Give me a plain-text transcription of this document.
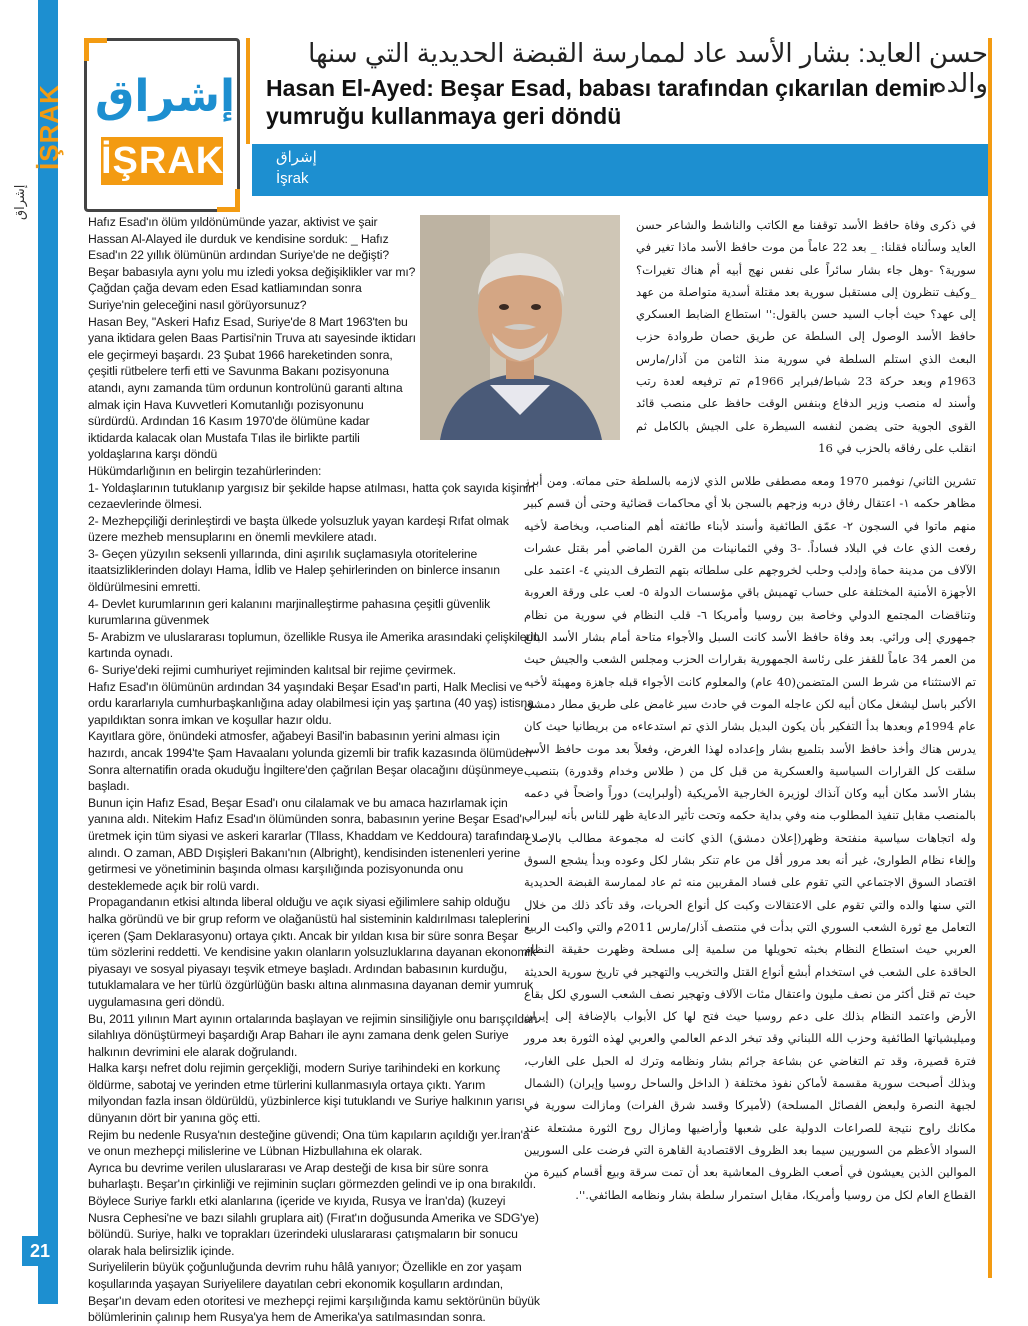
İŞRAK
إشراق
21
إشراق
İŞRAK
حسن العايد: بشار الأسد عاد لممارسة القبضة الحديدية التي سنها والده
Hasan El-Ayed: Beşar Esad, babası tarafından çıkarılan demir yumruğu kullanmaya geri döndü
إشراق
İşrak

Hafız Esad'ın ölüm yıldönümünde yazar, aktivist ve şair Hassan Al-Alayed ile durduk ve kendisine sorduk: _ Hafız Esad'ın 22 yıllık ölümünün ardından Suriye'de ne değişti? Beşar babasıyla aynı yolu mu izledi yoksa değişiklikler var mı?

Çağdan çağa devam eden Esad katliamından sonra Suriye'nin geleceğini nasıl görüyorsunuz?

Hasan Bey, "Askeri Hafız Esad, Suriye'de 8 Mart 1963'ten bu yana iktidara gelen Baas Partisi'nin Truva atı sayesinde iktidarı ele geçirmeyi başardı. 23 Şubat 1966 hareketinden sonra, çeşitli rütbelere terfi etti ve Savunma Bakanı pozisyonuna atandı, aynı zamanda tüm ordunun kontrolünü garanti altına almak için Hava Kuvvetleri Komutanlığı pozisyonunu sürdürdü. Ardından 16 Kasım 1970'de ölümüne kadar iktidarda kalacak olan Mustafa Tılas ile birlikte partili yoldaşlarına karşı döndü

Hükümdarlığının en belirgin tezahürlerinden:

1- Yoldaşlarının tutuklanıp yargısız bir şekilde hapse atılması, hatta çok sayıda kişinin cezaevlerinde ölmesi.

2- Mezhepçiliği derinleştirdi ve başta ülkede yolsuzluk yayan kardeşi Rıfat olmak üzere mezheb mensuplarını en önemli mevkilere atadı.

3- Geçen yüzyılın seksenli yıllarında, dini aşırılık suçlamasıyla otoritelerine itaatsizliklerinden dolayı Hama, İdlib ve Halep şehirlerinden on binlerce insanın öldürülmesini emretti.

4- Devlet kurumlarının geri kalanını marjinalleştirme pahasına çeşitli güvenlik kurumlarına güvenmek

5- Arabizm ve uluslararası toplumun, özellikle Rusya ile Amerika arasındaki çelişkilerin kartında oynadı.

6- Suriye'deki rejimi cumhuriyet rejiminden kalıtsal bir rejime çevirmek.

Hafız Esad'ın ölümünün ardından 34 yaşındaki Beşar Esad'ın parti, Halk Meclisi ve ordu kararlarıyla cumhurbaşkanlığına aday olabilmesi için yaş şartına (40 yaş) istisna yapıldıktan sonra imkan ve koşullar hazır oldu.

Kayıtlara göre, önündeki atmosfer, ağabeyi Basil'in babasının yerini alması için hazırdı, ancak 1994'te Şam Havaalanı yolunda gizemli bir trafik kazasında ölümüden Sonra alternatifin orada okuduğu İngiltere'den çağrılan Beşar olacağını düşünmeye başladı.

Bunun için Hafız Esad, Beşar Esad'ı onu cilalamak ve bu amaca hazırlamak için yanına aldı. Nitekim Hafız Esad'ın ölümünden sonra, babasının yerine Beşar Esad'ı üretmek için tüm siyasi ve askeri kararlar (Tllass, Khaddam ve Keddoura) tarafından alındı. O zaman, ABD Dışişleri Bakanı'nın (Albright), kendisinden istenenleri yerine getirmesi ve yönetiminin başında olması karşılığında pozisyonunda onu desteklemede açık bir rolü vardı.

Propagandanın etkisi altında liberal olduğu ve açık siyasi eğilimlere sahip olduğu halka göründü ve bir grup reform ve olağanüstü hal sisteminin kaldırılması taleplerini içeren (Şam Deklarasyonu) ortaya çıktı. Ancak bir yıldan kısa bir süre sonra Beşar tüm sözlerini reddetti. Ve kendisine yakın olanların yolsuzluklarına dayanan ekonomik piyasayı ve sosyal piyasayı teşvik etmeye başladı. Ardından babasının kurduğu, tutuklamalara ve her türlü özgürlüğün baskı altına alınmasına dayanan demir yumruk uygulamasına geri döndü.

Bu, 2011 yılının Mart ayının ortalarında başlayan ve rejimin sinsiliğiyle onu barışçıldan silahlıya dönüştürmeyi başardığı Arap Baharı ile aynı zamana denk gelen Suriye halkının devrimini ele alarak doğrulandı.

Halka karşı nefret dolu rejimin gerçekliği, modern Suriye tarihindeki en korkunç öldürme, sabotaj ve yerinden etme türlerini kullanmasıyla ortaya çıktı. Yarım milyondan fazla insan öldürüldü, yüzbinlerce kişi tutuklandı ve Suriye halkının yarısı dünyanın dört bir yanına göç etti.

Rejim bu nedenle Rusya'nın desteğine güvendi; Ona tüm kapıların açıldığı yer.İran'a ve onun mezhepçi milislerine ve Lübnan Hizbullahına ek olarak.

Ayrıca bu devrime verilen uluslararası ve Arap desteği de kısa bir süre sonra buharlaştı. Beşar'ın çirkinliği ve rejiminin suçları görmezden gelindi ve ip ona bırakıldı.

Böylece Suriye farklı etki alanlarına (içeride ve kıyıda, Rusya ve İran'da) (kuzeyi Nusra Cephesi'ne ve bazı silahlı gruplara ait) (Fırat'ın doğusunda Amerika ve SDG'ye) bölündü. Suriye, halkı ve toprakları üzerindeki uluslararası çatışmaların bir sonucu olarak hala belirsizlik içinde.

Suriyelilerin büyük çoğunluğunda devrim ruhu hâlâ yanıyor; Özellikle en zor yaşam koşullarında yaşayan Suriyelilere dayatılan cebri ekonomik koşulların ardından, Beşar'ın devam eden otoritesi ve mezhepçi rejimi karşılığında kamu sektörünün büyük bölümlerinin çalınıp hem Rusya'ya hem de Amerika'ya satılmasından sonra.

في ذكرى وفاة حافظ الأسد توقفنا مع الكاتب والناشط والشاعر حسن العايد وسألناه فقلنا: _ بعد 22 عاماً من موت حافظ الأسد ماذا تغير في سورية؟ -وهل جاء بشار سائراً على نفس نهج أبيه أم هناك تغيرات؟ _وكيف تنظرون إلى مستقبل سورية بعد مقتلة أسدية متواصلة من عهد إلى عهد؟ حيث أجاب السيد حسن بالقول:'' استطاع الضابط العسكري حافظ الأسد الوصول إلى السلطة عن طريق حصان طروادة حزب البعث الذي استلم السلطة في سورية منذ الثامن من آذار/مارس 1963م وبعد حركة 23 شباط/فبراير 1966م تم ترفيعه لعدة رتب وأسند له منصب وزير الدفاع وبنفس الوقت حافظ على منصب قائد القوى الجوية حتى يضمن لنفسه السيطرة على الجيش بالكامل ثم انقلب على رفاقه بالحزب في 16

تشرين الثاني/ نوفمبر 1970 ومعه مصطفى طلاس الذي لازمه بالسلطة حتى مماته. ومن أبرز مظاهر حكمه ١- اعتقال رفاق دربه وزجهم بالسجن بلا أي محاكمات قضائية وحتى أن قسم كبير منهم ماتوا في السجون ٢- عمّق الطائفية وأسند لأبناء طائفته أهم المناصب، وبخاصة لأخيه رفعت الذي عاث في البلاد فساداً. -3 وفي الثمانينات من القرن الماضي أمر بقتل عشرات الآلاف من مدينة حماة وإدلب وحلب لخروجهم على سلطاته بتهم التطرف الديني ٤- اعتمد على الأجهزة الأمنية المختلفة على حساب تهميش باقي مؤسسات الدولة ٥- لعب على ورقة العروبة وتناقضات المجتمع الدولي وخاصة بين روسيا وأمريكا ٦- قلب النظام في سورية من نظام جمهوري إلى وراثي. بعد وفاة حافظ الأسد كانت السبل والأجواء متاحة أمام بشار الأسد البالغ من العمر 34 عاماً للقفز على رئاسة الجمهورية بقرارات الحزب ومجلس الشعب والجيش حيث تم الاستثناء من شرط السن المتضمن(40 عام) والمعلوم كانت الأجواء قبله جاهزة ومهيئة لأخيه الأكبر باسل ليشغل مكان أبيه لكن عاجله الموت في حادث سير غامض على طريق مطار دمشق عام 1994م وبعدها بدأ التفكير بأن يكون البديل بشار الذي تم استدعاءه من بريطانيا حيث كان يدرس هناك وأخذ حافظ الأسد بتلميع بشار وإعداده لهذا الغرض، وفعلاً بعد موت حافظ الأسد سلقت كل القرارات السياسية والعسكرية من قبل كل من ( طلاس وخدام وقدورة) بتنصيب بشار الأسد مكان أبيه وكان آنذاك لوزيرة الخارجية الأمريكية (أولبرايت) دوراً واضحاً في دعمه بالمنصب مقابل تنفيذ المطلوب منه وفي بداية حكمه وتحت تأثير الدعاية ظهر للناس بأنه ليبرالي وله اتجاهات سياسية منفتحة وظهر(إعلان دمشق) الذي كانت له مجموعة مطالب بالإصلاح وإلغاء نظام الطوارئ، غير أنه بعد مرور أقل من عام تنكر بشار لكل وعوده وبدأ يشجع السوق اقتصاد السوق الاجتماعي التي تقوم على فساد المقربين منه ثم عاد لممارسة القبضة الحديدية التي سنها والده والتي تقوم على الاعتقالات وكبت كل أنواع الحريات، وقد تأكد ذلك من خلال التعامل مع ثورة الشعب السوري التي بدأت في منتصف آذار/مارس 2011م والتي واكبت الربيع العربي حيث استطاع النظام بخبثه تحويلها من سلمية إلى مسلحة وظهرت حقيقة النظام الحاقدة على الشعب في استخدام أبشع أنواع القتل والتخريب والتهجير في تاريخ سورية الحديثة حيث تم قتل أكثر من نصف مليون واعتقال مئات الآلاف وتهجير نصف الشعب السوري لكل بقاع الأرض واعتمد النظام بذلك على دعم روسيا حيث فتح لها كل الأبواب بالإضافة إلى إيران وميليشياتها الطائفية وحزب الله اللبناني وقد تبخر الدعم العالمي والعربي لهذه الثورة بعد مرور فترة قصيرة، وقد تم التغاضي عن بشاعة جرائم بشار ونظامه وترك له الحبل على الغارب، وبذلك أصبحت سورية مقسمة لأماكن نفوذ مختلفة ( الداخل والساحل روسيا وإيران) (الشمال لجبهة النصرة ولبعض الفصائل المسلحة) (لأميركا وقسد شرق الفرات) ومازالت سورية في مكانك راوح نتيجة للصراعات الدولية على شعبها وأراضيها ومازال روح الثورة مشتعلة عند السواد الأعظم من السوريين سيما بعد الظروف الاقتصادية القاهرة التي فرضت على السوريين الموالين الذين يعيشون في أصعب الظروف المعاشية بعد أن تمت سرقة وبيع أقسام كبيرة من القطاع العام لكل من روسيا وأمريكا، مقابل استمرار سلطة بشار ونظامه الطائفي.''.
